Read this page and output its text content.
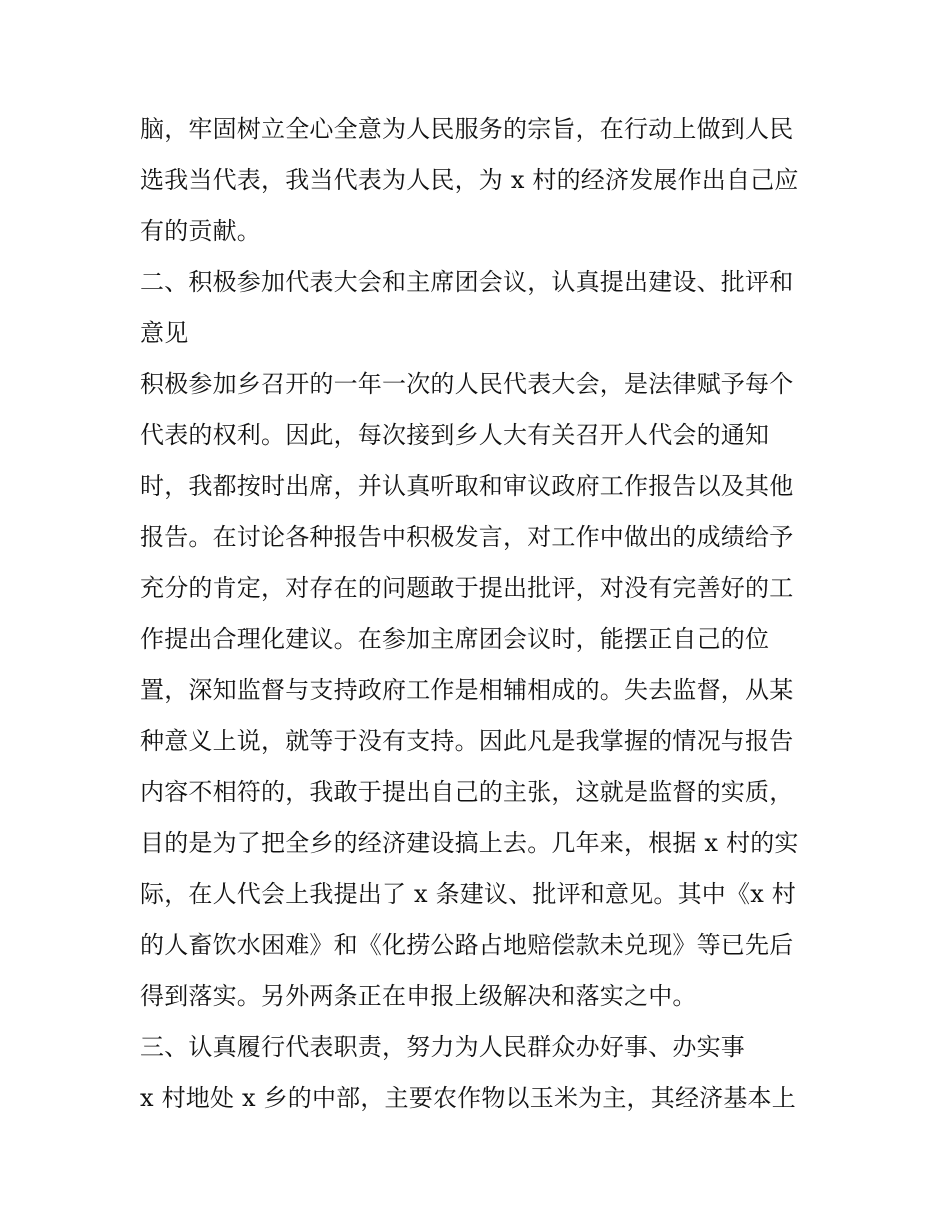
脑，牢固树立全心全意为人民服务的宗旨，在行动上做到人民
选我当代表，我当代表为人民，为 x 村的经济发展作出自己应
有的贡献。
二、积极参加代表大会和主席团会议，认真提出建设、批评和
意见
积极参加乡召开的一年一次的人民代表大会，是法律赋予每个
代表的权利。因此，每次接到乡人大有关召开人代会的通知
时，我都按时出席，并认真听取和审议政府工作报告以及其他
报告。在讨论各种报告中积极发言，对工作中做出的成绩给予
充分的肯定，对存在的问题敢于提出批评，对没有完善好的工
作提出合理化建议。在参加主席团会议时，能摆正自己的位
置，深知监督与支持政府工作是相辅相成的。失去监督，从某
种意义上说，就等于没有支持。因此凡是我掌握的情况与报告
内容不相符的，我敢于提出自己的主张，这就是监督的实质，
目的是为了把全乡的经济建设搞上去。几年来，根据 x 村的实
际，在人代会上我提出了 x 条建议、批评和意见。其中《x 村
的人畜饮水困难》和《化捞公路占地赔偿款未兑现》等已先后
得到落实。另外两条正在申报上级解决和落实之中。
三、认真履行代表职责，努力为人民群众办好事、办实事
x 村地处 x 乡的中部，主要农作物以玉米为主，其经济基本上
